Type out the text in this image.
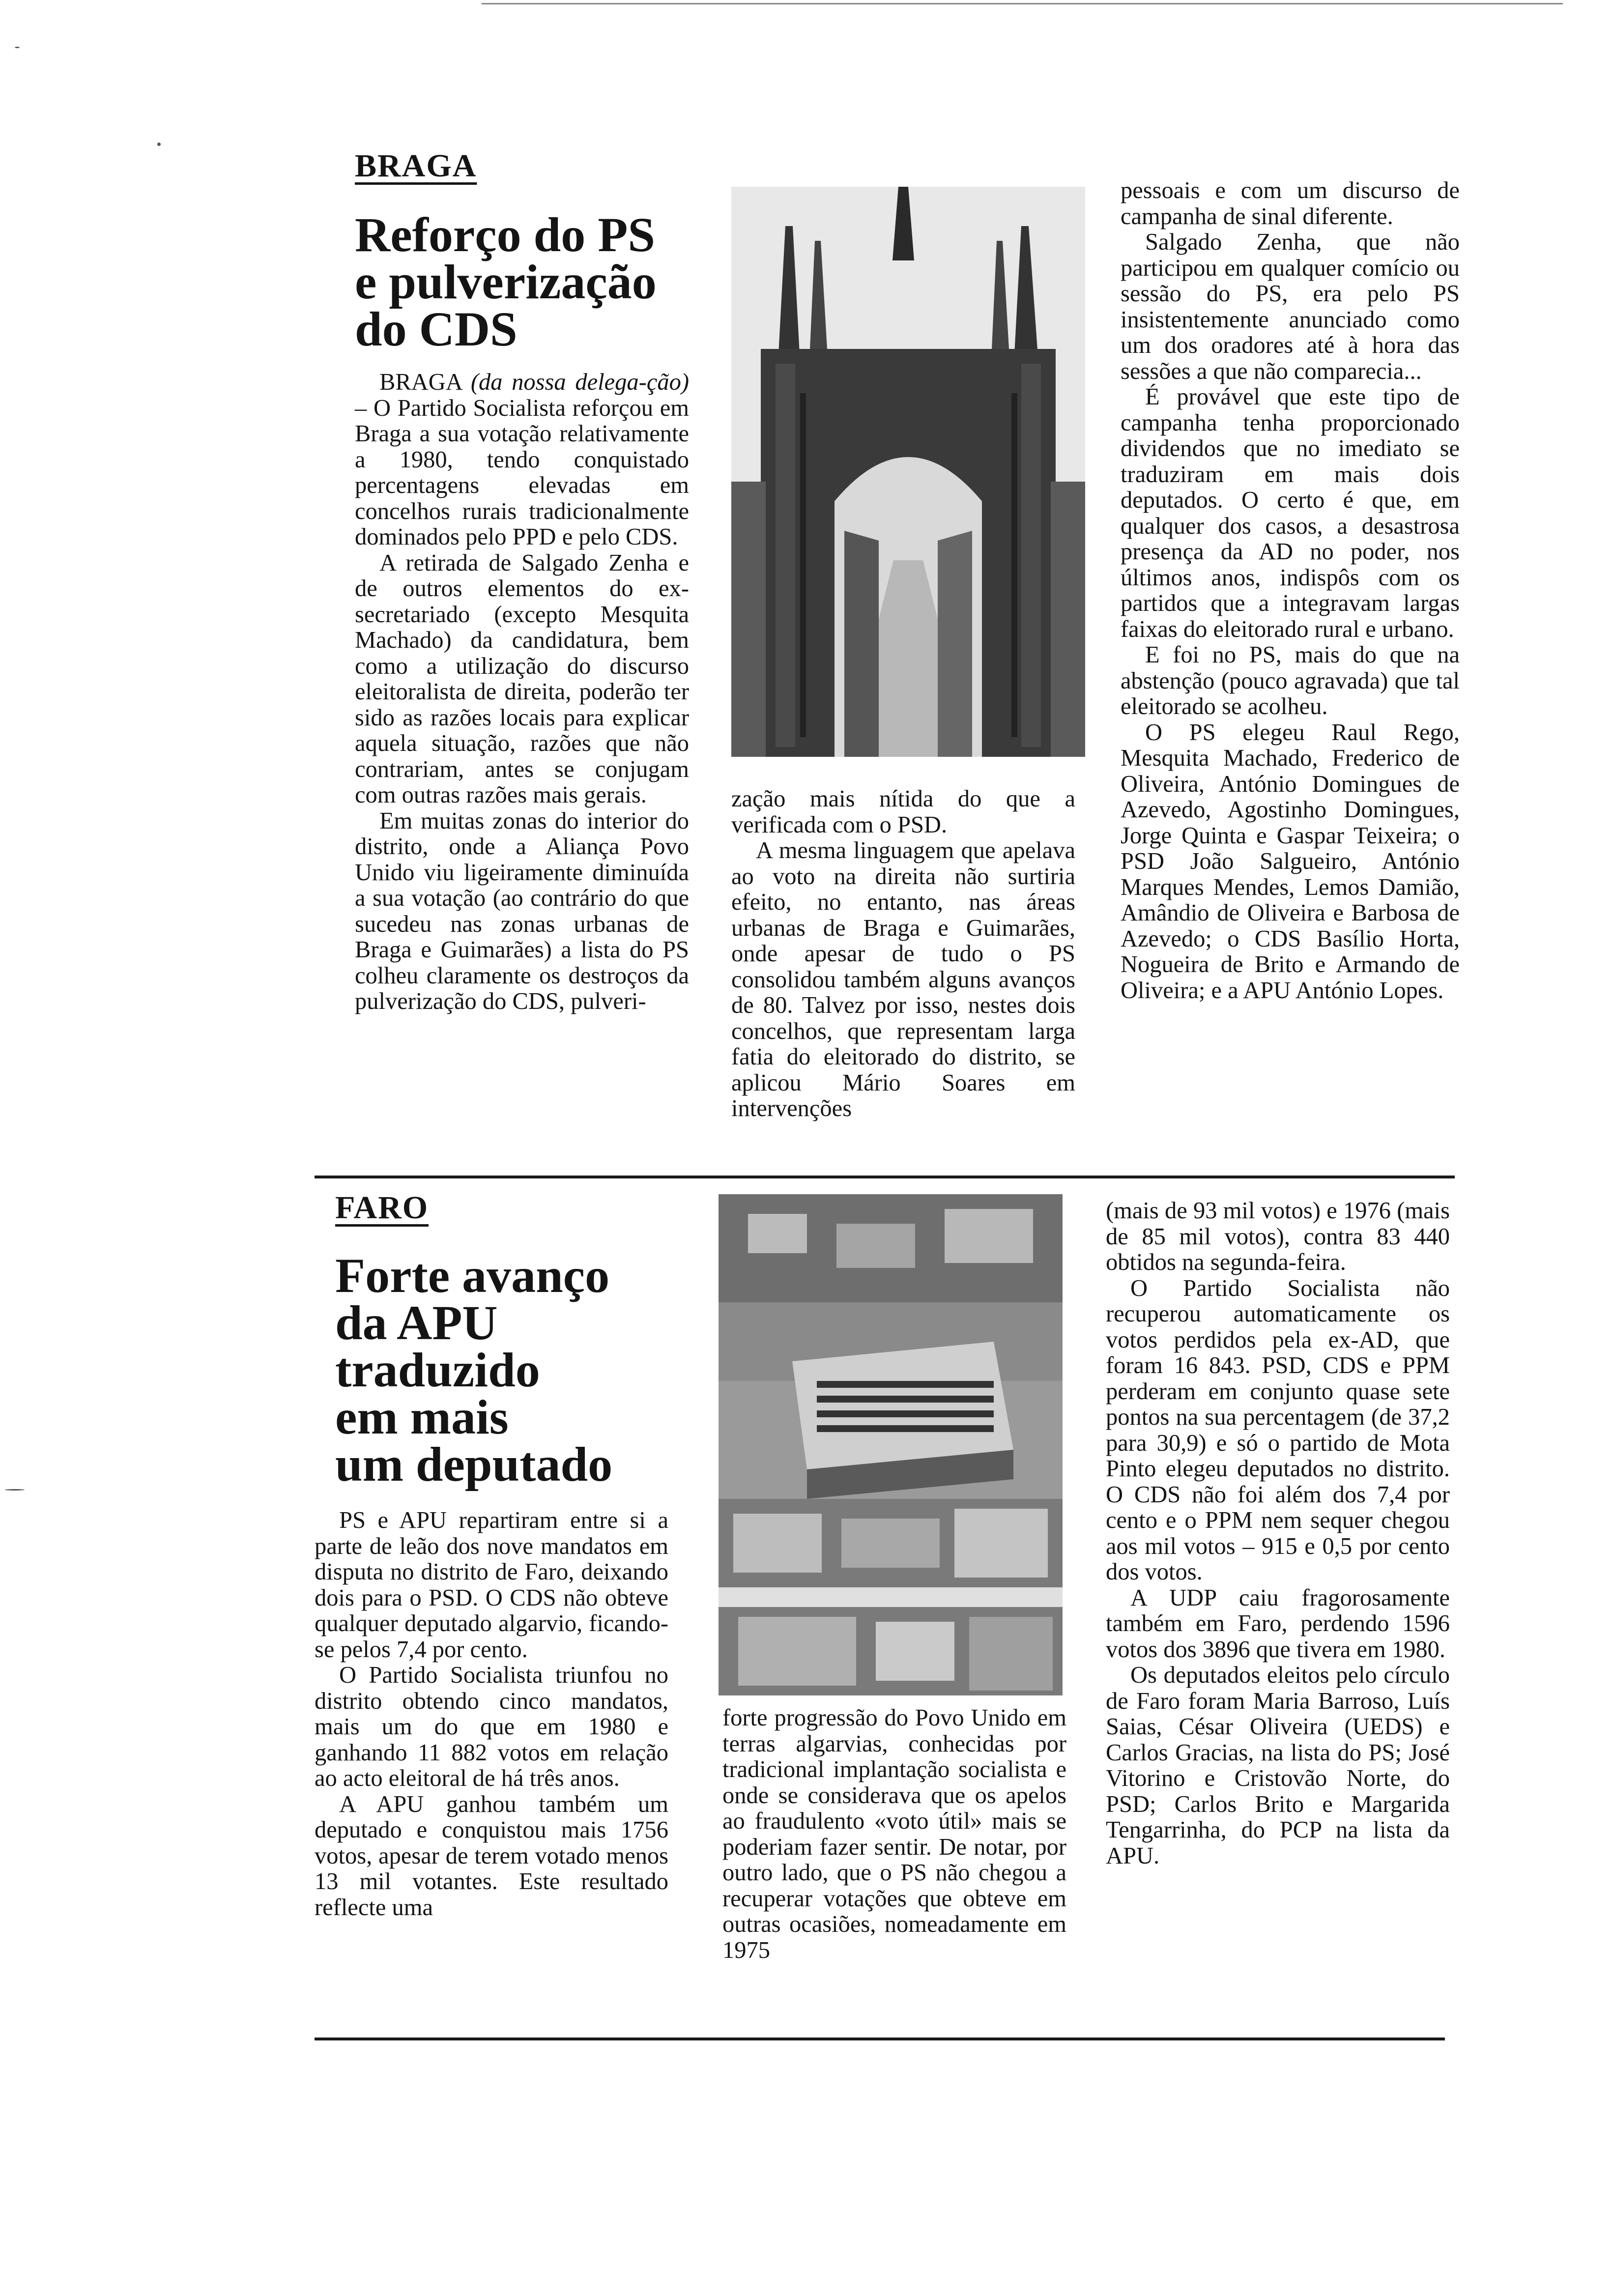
BRAGA
Reforço do PS
e pulverização
do CDS

BRAGA (da nossa delega-ção) – O Partido Socialista reforçou em Braga a sua votação relativamente a 1980, tendo conquistado percentagens elevadas em concelhos rurais tradicionalmente dominados pelo PPD e pelo CDS.

A retirada de Salgado Zenha e de outros elementos do ex-secretariado (excepto Mesquita Machado) da candidatura, bem como a utilização do discurso eleitoralista de direita, poderão ter sido as razões locais para explicar aquela situação, razões que não contrariam, antes se conjugam com outras razões mais gerais.

Em muitas zonas do interior do distrito, onde a Aliança Povo Unido viu ligeiramente diminuída a sua votação (ao contrário do que sucedeu nas zonas urbanas de Braga e Guimarães) a lista do PS colheu claramente os destroços da pulverização do CDS, pulveri-

zação mais nítida do que a verificada com o PSD.

A mesma linguagem que apelava ao voto na direita não surtiria efeito, no entanto, nas áreas urbanas de Braga e Guimarães, onde apesar de tudo o PS consolidou também alguns avanços de 80. Talvez por isso, nestes dois concelhos, que representam larga fatia do eleitorado do distrito, se aplicou Mário Soares em intervenções

pessoais e com um discurso de campanha de sinal diferente.

Salgado Zenha, que não participou em qualquer comício ou sessão do PS, era pelo PS insistentemente anunciado como um dos oradores até à hora das sessões a que não comparecia...

É provável que este tipo de campanha tenha proporcionado dividendos que no imediato se traduziram em mais dois deputados. O certo é que, em qualquer dos casos, a desastrosa presença da AD no poder, nos últimos anos, indispôs com os partidos que a integravam largas faixas do eleitorado rural e urbano.

E foi no PS, mais do que na abstenção (pouco agravada) que tal eleitorado se acolheu.

O PS elegeu Raul Rego, Mesquita Machado, Frederico de Oliveira, António Domingues de Azevedo, Agostinho Domingues, Jorge Quinta e Gaspar Teixeira; o PSD João Salgueiro, António Marques Mendes, Lemos Damião, Amândio de Oliveira e Barbosa de Azevedo; o CDS Basílio Horta, Nogueira de Brito e Armando de Oliveira; e a APU António Lopes.

FARO
Forte avanço
da APU
traduzido
em mais
um deputado

PS e APU repartiram entre si a parte de leão dos nove mandatos em disputa no distrito de Faro, deixando dois para o PSD. O CDS não obteve qualquer deputado algarvio, ficando-se pelos 7,4 por cento.

O Partido Socialista triunfou no distrito obtendo cinco mandatos, mais um do que em 1980 e ganhando 11 882 votos em relação ao acto eleitoral de há três anos.

A APU ganhou também um deputado e conquistou mais 1756 votos, apesar de terem votado menos 13 mil votantes. Este resultado reflecte uma

forte progressão do Povo Unido em terras algarvias, conhecidas por tradicional implantação socialista e onde se considerava que os apelos ao fraudulento «voto útil» mais se poderiam fazer sentir. De notar, por outro lado, que o PS não chegou a recuperar votações que obteve em outras ocasiões, nomeadamente em 1975

(mais de 93 mil votos) e 1976 (mais de 85 mil votos), contra 83 440 obtidos na segunda-feira.

O Partido Socialista não recuperou automaticamente os votos perdidos pela ex-AD, que foram 16 843. PSD, CDS e PPM perderam em conjunto quase sete pontos na sua percentagem (de 37,2 para 30,9) e só o partido de Mota Pinto elegeu deputados no distrito. O CDS não foi além dos 7,4 por cento e o PPM nem sequer chegou aos mil votos – 915 e 0,5 por cento dos votos.

A UDP caiu fragorosamente também em Faro, perdendo 1596 votos dos 3896 que tivera em 1980.

Os deputados eleitos pelo círculo de Faro foram Maria Barroso, Luís Saias, César Oliveira (UEDS) e Carlos Gracias, na lista do PS; José Vitorino e Cristovão Norte, do PSD; Carlos Brito e Margarida Tengarrinha, do PCP na lista da APU.
